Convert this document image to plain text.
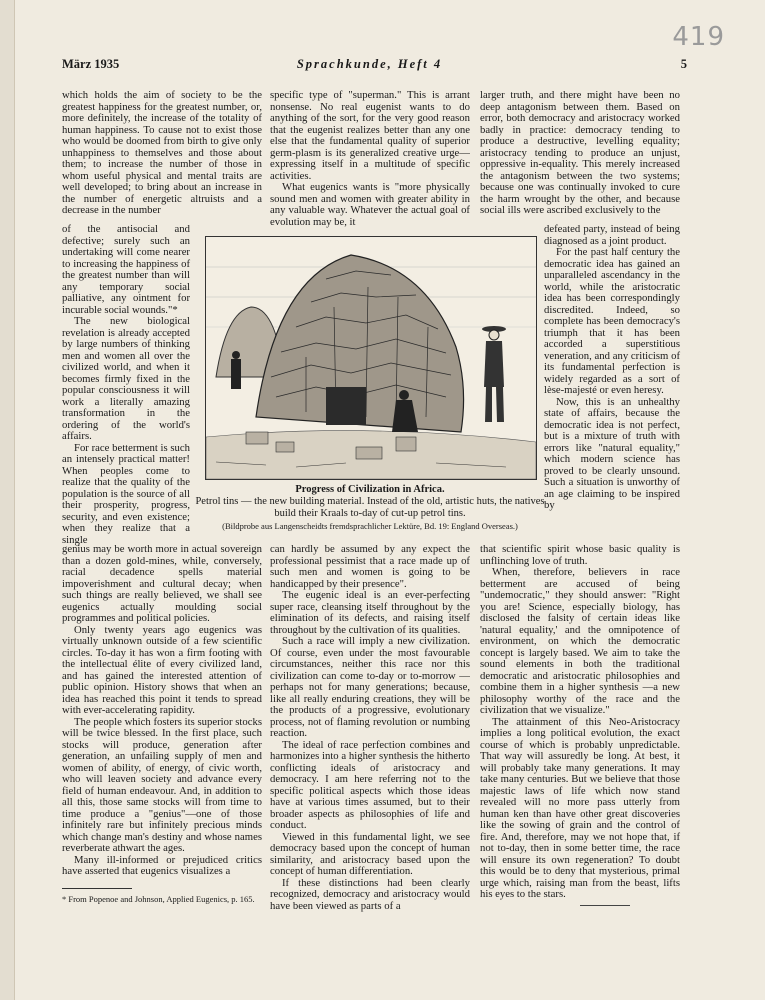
419
März 1935	Sprachkunde, Heft 4	5

which holds the aim of society to be the greatest happiness for the greatest number, or, more definitely, the increase of the totality of human happiness. To cause not to exist those who would be doomed from birth to give only unhappiness to themselves and those about them; to increase the number of those in whom useful physical and mental traits are well developed; to bring about an increase in the number of energetic altruists and a decrease in the number

of the antisocial and defective; surely such an undertaking will come nearer to increasing the happiness of the greatest number than will any temporary social palliative, any ointment for incurable social wounds."*

The new biological revelation is already accepted by large numbers of thinking men and women all over the civilized world, and when it becomes firmly fixed in the popular consciousness it will work a literally amazing transformation in the ordering of the world's affairs.

For race betterment is such an intensely practical matter! When peoples come to realize that the quality of the population is the source of all their prosperity, progress, security, and even existence; when they realize that a single

genius may be worth more in actual sovereign than a dozen gold-mines, while, conversely, racial decadence spells material impoverishment and cultural decay; when such things are really believed, we shall see eugenics actually moulding social programmes and political policies.

Only twenty years ago eugenics was virtually unknown outside of a few scientific circles. To-day it has won a firm footing with the intellectual élite of every civilized land, and has gained the interested attention of public opinion. History shows that when an idea has reached this point it tends to spread with ever-accelerating rapidity.

The people which fosters its superior stocks will be twice blessed. In the first place, such stocks will produce, generation after generation, an unfailing supply of men and women of ability, of energy, of civic worth, who will leaven society and advance every field of human endeavour. And, in addition to all this, those same stocks will from time to time produce a "genius"—one of those infinitely rare but infinitely precious minds which change man's destiny and whose names reverberate athwart the ages.

Many ill-informed or prejudiced critics have asserted that eugenics visualizes a

specific type of "superman." This is arrant nonsense. No real eugenist wants to do anything of the sort, for the very good reason that the eugenist realizes better than any one else that the fundamental quality of superior germ-plasm is its generalized creative urge—expressing itself in a multitude of specific activities.

What eugenics wants is "more physically sound men and women with greater ability in any valuable way. Whatever the actual goal of evolution may be, it

can hardly be assumed by any expect the professional pessimist that a race made up of such men and women is going to be handicapped by their presence".

The eugenic ideal is an ever-perfecting super race, cleansing itself throughout by the elimination of its defects, and raising itself throughout by the cultivation of its qualities.

Such a race will imply a new civilization. Of course, even under the most favourable circumstances, neither this race nor this civilization can come to-day or to-morrow —perhaps not for many generations; because, like all really enduring creations, they will be the products of a progressive, evolutionary process, not of flaming revolution or numbing reaction.

The ideal of race perfection combines and harmonizes into a higher synthesis the hitherto conflicting ideals of aristocracy and democracy. I am here referring not to the specific political aspects which those ideas have at various times assumed, but to their broader aspects as philosophies of life and conduct.

Viewed in this fundamental light, we see democracy based upon the concept of human similarity, and aristocracy based upon the concept of human differentiation.

If these distinctions had been clearly recognized, democracy and aristocracy would have been viewed as parts of a

larger truth, and there might have been no deep antagonism between them. Based on error, both democracy and aristocracy worked badly in practice: democracy tending to produce a destructive, levelling equality; aristocracy tending to produce an unjust, oppressive in-equality. This merely increased the antagonism between the two systems; because one was continually invoked to cure the harm wrought by the other, and because social ills were ascribed exclusively to the

defeated party, instead of being diagnosed as a joint product.

For the past half century the democratic idea has gained an unparalleled ascendancy in the world, while the aristocratic idea has been correspondingly discredited. Indeed, so complete has been democracy's triumph that it has been accorded a superstitious veneration, and any criticism of its fundamental perfection is widely regarded as a sort of lèse-majesté or even heresy.

Now, this is an unhealthy state of affairs, because the democratic idea is not perfect, but is a mixture of truth with errors like "natural equality," which modern science has proved to be clearly unsound. Such a situation is unworthy of an age claiming to be inspired by

that scientific spirit whose basic quality is unflinching love of truth.

When, therefore, believers in race betterment are accused of being "undemocratic," they should answer: "Right you are! Science, especially biology, has disclosed the falsity of certain ideas like 'natural equality,' and the omnipotence of environment, on which the democratic concept is largely based. We aim to take the sound elements in both the traditional democratic and aristocratic philosophies and combine them in a higher synthesis —a new philosophy worthy of the race and the civilization that we visualize."

The attainment of this Neo-Aristocracy implies a long political evolution, the exact course of which is probably unpredictable. That way will assuredly be long. At best, it will probably take many generations. It may take many centuries. But we believe that those majestic laws of life which now stand revealed will no more pass utterly from human ken than have other great discoveries like the sowing of grain and the control of fire. And, therefore, may we not hope that, if not to-day, then in some better time, the race will ensure its own regeneration? To doubt this would be to deny that mysterious, primal urge which, raising man from the beast, lifts his eyes to the stars.

Progress of Civilization in Africa.
Petrol tins — the new building material. Instead of the old, artistic huts, the natives build their Kraals to-day of cut-up petrol tins.
(Bildprobe aus Langenscheidts fremdsprachlicher Lektüre, Bd. 19: England Overseas.)
* From Popenoe and Johnson, Applied Eugenics, p. 165.
